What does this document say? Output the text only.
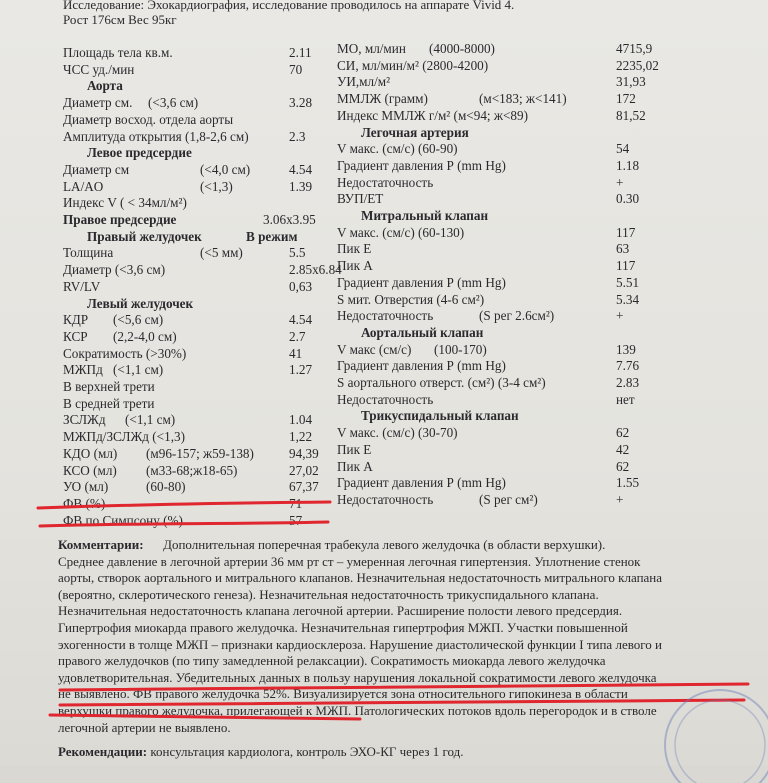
Исследование: Эхокардиография, исследование проводилось на аппарате Vivid 4.
Рост 176см Вес 95кг
Площадь тела кв.м.	2.11
ЧСС уд./мин	70
Аорта
Диаметр см. (<3,6 см)	3.28
Диаметр восход. отдела аорты
Амплитуда открытия (1,8-2,6 см)	2.3
Левое предсердие
Диаметр см	(<4,0 см)	4.54
LA/AO	(<1,3)	1.39
Индекс V ( < 34мл/м²)
Правое предсердие	3.06x3.95
Правый желудочек	В режим
Толщина	(<5 мм)	5.5
Диаметр (<3,6 см)	2.85x6.84
RV/LV	0,63
Левый желудочек
КДР (<5,6 см)	4.54
КСР (2,2-4,0 см)	2.7
Сократимость (>30%)	41
МЖПд (<1,1 см)	1.27
В верхней трети
В средней трети
ЗСЛЖд (<1,1 см)	1.04
МЖПд/ЗСЛЖд (<1,3)	1,22
КДО (мл) (м96-157; ж59-138)	94,39
КСО (мл) (м33-68;ж18-65)	27,02
УО (мл)	(60-80)	67,37
ФВ (%)	71
ФВ по Симпсону (%)	57
МО, мл/мин (4000-8000)	4715,9
СИ, мл/мин/м² (2800-4200)	2235,02
УИ,мл/м²	31,93
ММЛЖ (грамм)	(м<183; ж<141)	172
Индекс ММЛЖ г/м² (м<94; ж<89)	81,52
Легочная артерия
V макс. (см/с) (60-90)	54
Градиент давления Р (mm Hg)	1.18
Недостаточность	+
ВУП/ЕТ	0.30
Митральный клапан
V макс. (см/с) (60-130)	117
Пик E	63
Пик А	117
Градиент давления Р (mm Hg)	5.51
S мит. Отверстия (4-6 см²)	5.34
Недостаточность	(S рег 2.6см²)	+
Аортальный клапан
V макс (см/с) (100-170)	139
Градиент давления Р (mm Hg)	7.76
S аортального отверст. (см²) (3-4 см²)	2.83
Недостаточность	нет
Трикуспидальный клапан
V макс. (см/с) (30-70)	62
Пик E	42
Пик А	62
Градиент давления Р (mm Hg)	1.55
Недостаточность	(S рег см²)	+
Комментарии:      Дополнительная поперечная трабекула левого желудочка (в области верхушки).
Среднее давление в легочной артерии 36 мм рт ст – умеренная легочная гипертензия. Уплотнение стенок
аорты, створок аортального и митрального клапанов. Незначительная недостаточность митрального клапана
(вероятно, склеротического генеза). Незначительная недостаточность трикуспидального клапана.
Незначительная недостаточность клапана легочной артерии. Расширение полости левого предсердия.
Гипертрофия миокарда правого желудочка. Незначительная гипертрофия МЖП. Участки повышенной
эхогенности в толще МЖП – признаки кардиосклероза. Нарушение диастолической функции I типа левого и
правого желудочков (по типу замедленной релаксации). Сократимость миокарда левого желудочка
удовлетворительная. Убедительных данных в пользу нарушения локальной сократимости левого желудочка
не выявлено. ФВ правого желудочка 52%. Визуализируется зона относительного гипокинеза в области
верхушки правого желудочка, прилегающей к МЖП. Патологических потоков вдоль перегородок и в стволе
легочной артерии не выявлено.
Рекомендации: консультация кардиолога, контроль ЭХО-КГ через 1 год.
